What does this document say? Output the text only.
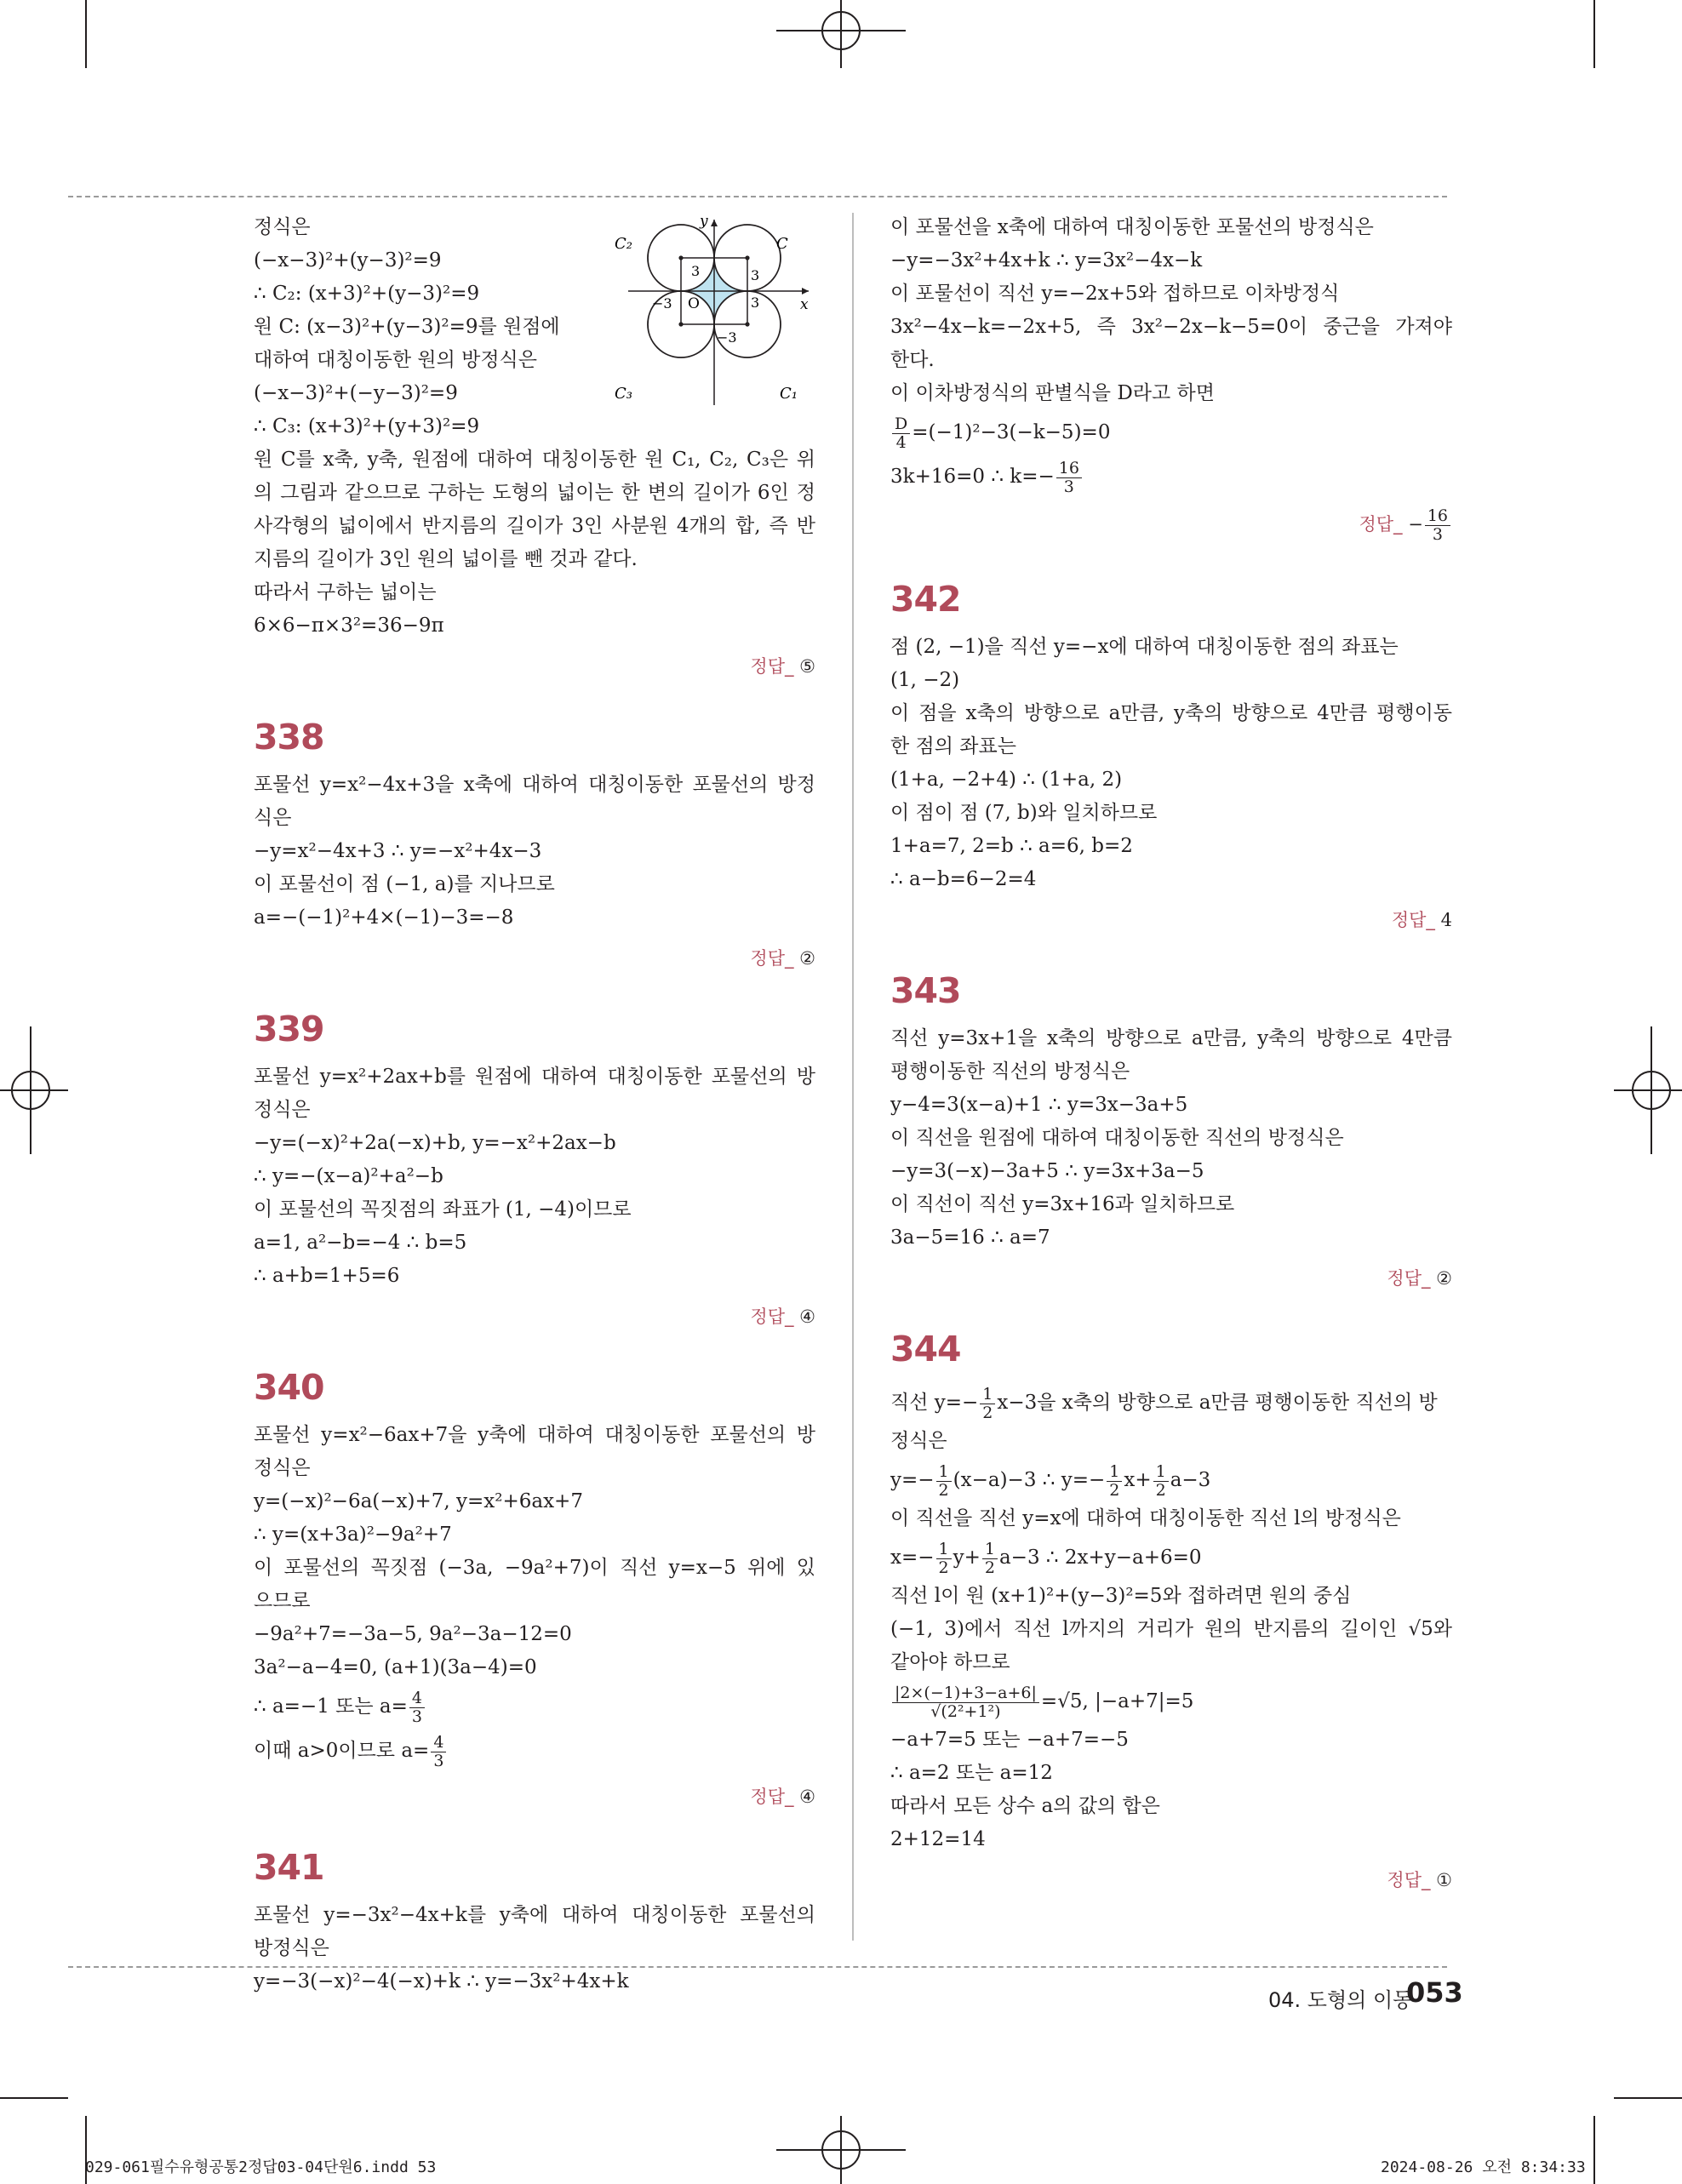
y
x
O
C
C₂
C₃	C₁
3
3
3
−3
−3
정식은
(−x−3)²+(y−3)²=9
∴ C₂: (x+3)²+(y−3)²=9
원 C: (x−3)²+(y−3)²=9를 원점에
대하여 대칭이동한 원의 방정식은
(−x−3)²+(−y−3)²=9
∴ C₃: (x+3)²+(y+3)²=9
원 C를 x축, y축, 원점에 대하여 대칭이동한 원 C₁, C₂, C₃은 위
의 그림과 같으므로 구하는 도형의 넓이는 한 변의 길이가 6인 정
사각형의 넓이에서 반지름의 길이가 3인 사분원 4개의 합, 즉 반
지름의 길이가 3인 원의 넓이를 뺀 것과 같다.
따라서 구하는 넓이는
6×6−π×3²=36−9π
정답_ ⑤
338
포물선 y=x²−4x+3을 x축에 대하여 대칭이동한 포물선의 방정
식은
−y=x²−4x+3 ∴ y=−x²+4x−3
이 포물선이 점 (−1, a)를 지나므로
a=−(−1)²+4×(−1)−3=−8
정답_ ②
339
포물선 y=x²+2ax+b를 원점에 대하여 대칭이동한 포물선의 방
정식은
−y=(−x)²+2a(−x)+b, y=−x²+2ax−b
∴ y=−(x−a)²+a²−b
이 포물선의 꼭짓점의 좌표가 (1, −4)이므로
a=1, a²−b=−4 ∴ b=5
∴ a+b=1+5=6
정답_ ④
340
포물선 y=x²−6ax+7을 y축에 대하여 대칭이동한 포물선의 방
정식은
y=(−x)²−6a(−x)+7, y=x²+6ax+7
∴ y=(x+3a)²−9a²+7
이 포물선의 꼭짓점 (−3a, −9a²+7)이 직선 y=x−5 위에 있
으므로
−9a²+7=−3a−5, 9a²−3a−12=0
3a²−a−4=0, (a+1)(3a−4)=0
∴ a=−1 또는 $a= \frac{4}{3}$
이때 a>0이므로 $a= \frac{4}{3}$
정답_ ④
341
포물선 y=−3x²−4x+k를 y축에 대하여 대칭이동한 포물선의
방정식은
y=−3(−x)²−4(−x)+k ∴ y=−3x²+4x+k
이 포물선을 x축에 대하여 대칭이동한 포물선의 방정식은
−y=−3x²+4x+k ∴ y=3x²−4x−k
이 포물선이 직선 y=−2x+5와 접하므로 이차방정식
3x²−4x−k=−2x+5, 즉 3x²−2x−k−5=0이 중근을 가져야
한다.
이 이차방정식의 판별식을 D라고 하면
$\frac{D}{4} =(-1)^2-3(-k-5)=0$
3k+16=0 ∴ $k=- \frac{16}{3}$
정답_ − $\frac{16}{3}$
342
점 (2, −1)을 직선 y=−x에 대하여 대칭이동한 점의 좌표는
(1, −2)
이 점을 x축의 방향으로 a만큼, y축의 방향으로 4만큼 평행이동
한 점의 좌표는
(1+a, −2+4) ∴ (1+a, 2)
이 점이 점 (7, b)와 일치하므로
1+a=7, 2=b ∴ a=6, b=2
∴ a−b=6−2=4
정답_ 4
343
직선 y=3x+1을 x축의 방향으로 a만큼, y축의 방향으로 4만큼
평행이동한 직선의 방정식은
y−4=3(x−a)+1 ∴ y=3x−3a+5
이 직선을 원점에 대하여 대칭이동한 직선의 방정식은
−y=3(−x)−3a+5 ∴ y=3x+3a−5
이 직선이 직선 y=3x+16과 일치하므로
3a−5=16 ∴ a=7
정답_ ②
344
직선 $y=- \frac{1}{2} x-3$을 x축의 방향으로 a만큼 평행이동한 직선의 방
정식은
$y=- \frac{1}{2} (x-a)-3$ ∴ $y=- \frac{1}{2} x+ \frac{1}{2} a-3$
이 직선을 직선 y=x에 대하여 대칭이동한 직선 l의 방정식은
$x=- \frac{1}{2} y+ \frac{1}{2} a-3$ ∴ 2x+y−a+6=0
직선 l이 원 (x+1)²+(y−3)²=5와 접하려면 원의 중심
(−1, 3)에서 직선 l까지의 거리가 원의 반지름의 길이인 √5와
같아야 하므로
$\frac{|2\times(-1)+3-a+6|}{\text{√(2²+1²)}} =√5$, |−a+7|=5
−a+7=5 또는 −a+7=−5
∴ a=2 또는 a=12
따라서 모든 상수 a의 값의 합은
2+12=14
정답_ ①
04. 도형의 이동
053
029-061필수유형공통2정답03-04단원6.indd 53	2024-08-26 오전 8:34:33
